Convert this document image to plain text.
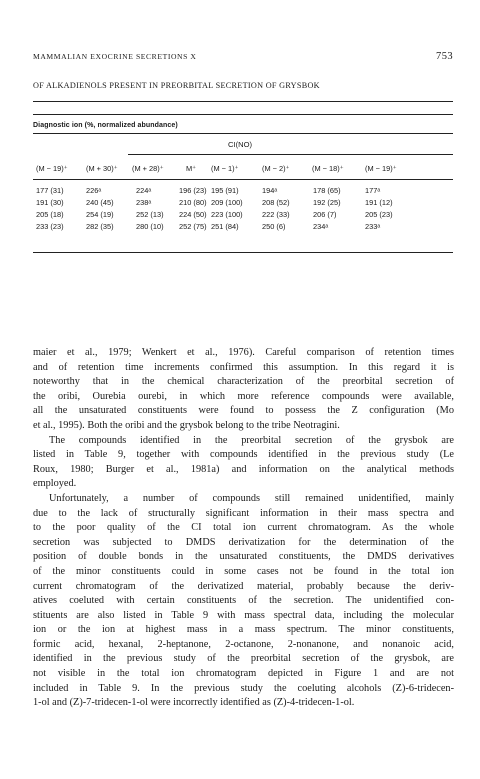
MAMMALIAN EXOCRINE SECRETIONS X	753
OF ALKADIENOLS PRESENT IN PREORBITAL SECRETION OF GRYSBOK
Diagnostic ion (%, normalized abundance)
CI(NO)
(M − 19)⁺ (M + 30)⁺ (M + 28)⁺	M⁺ (M − 1)⁺	(M − 2)⁺	(M − 18)⁺	(M − 19)⁺
177 (31)	226ᵃ	224ᵃ	196 (23) 195 (91)	194ᵃ	178 (65)	177ᵃ
191 (30)	240 (45)	238ᵃ	210 (80) 209 (100)	208 (52)	192 (25)	191 (12)
205 (18)	254 (19)	252 (13) 224 (50) 223 (100)	222 (33)	206 (7)	205 (23)
233 (23)	282 (35)	280 (10) 252 (75) 251 (84)	250 (6)	234ᵃ	233ᵃ
maier et al., 1979; Wenkert et al., 1976). Careful comparison of retention times
and of retention time increments confirmed this assumption. In this regard it is
noteworthy that in the chemical characterization of the preorbital secretion of
the oribi, Ourebia ourebi, in which more reference compounds were available,
all the unsaturated constituents were found to possess the Z configuration (Mo
et al., 1995). Both the oribi and the grysbok belong to the tribe Neotragini.
The compounds identified in the preorbital secretion of the grysbok are
listed in Table 9, together with compounds identified in the previous study (Le
Roux, 1980; Burger et al., 1981a) and information on the analytical methods
employed.
Unfortunately, a number of compounds still remained unidentified, mainly
due to the lack of structurally significant information in their mass spectra and
to the poor quality of the CI total ion current chromatogram. As the whole
secretion was subjected to DMDS derivatization for the determination of the
position of double bonds in the unsaturated constituents, the DMDS derivatives
of the minor constituents could in some cases not be found in the total ion
current chromatogram of the derivatized material, probably because the deriv-
atives coeluted with certain constituents of the secretion. The unidentified con-
stituents are also listed in Table 9 with mass spectral data, including the molecular
ion or the ion at highest mass in a mass spectrum. The minor constituents,
formic acid, hexanal, 2-heptanone, 2-octanone, 2-nonanone, and nonanoic acid,
identified in the previous study of the preorbital secretion of the grysbok, are
not visible in the total ion chromatogram depicted in Figure 1 and are not
included in Table 9. In the previous study the coeluting alcohols (Z)-6-tridecen-
1-ol and (Z)-7-tridecen-1-ol were incorrectly identified as (Z)-4-tridecen-1-ol.
